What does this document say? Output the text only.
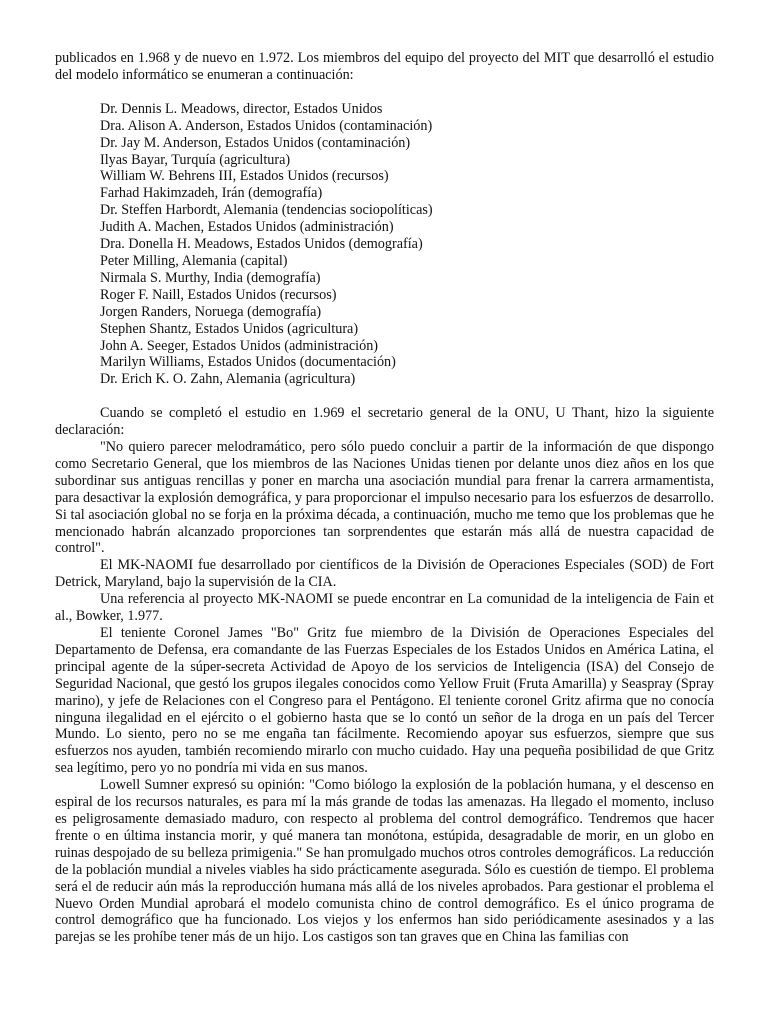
publicados en 1.968 y de nuevo en 1.972. Los miembros del equipo del proyecto del MIT que desarrolló el estudio del modelo informático se enumeran a continuación:

Dr. Dennis L. Meadows, director, Estados Unidos
Dra. Alison A. Anderson, Estados Unidos (contaminación)
Dr. Jay M. Anderson, Estados Unidos (contaminación)
Ilyas Bayar, Turquía (agricultura)
William W. Behrens III, Estados Unidos (recursos)
Farhad Hakimzadeh, Irán (demografía)
Dr. Steffen Harbordt, Alemania (tendencias sociopolíticas)
Judith A. Machen, Estados Unidos (administración)
Dra. Donella H. Meadows, Estados Unidos (demografía)
Peter Milling, Alemania (capital)
Nirmala S. Murthy, India (demografía)
Roger F. Naill, Estados Unidos (recursos)
Jorgen Randers, Noruega (demografía)
Stephen Shantz, Estados Unidos (agricultura)
John A. Seeger, Estados Unidos (administración)
Marilyn Williams, Estados Unidos (documentación)
Dr. Erich K. O. Zahn, Alemania (agricultura)

Cuando se completó el estudio en 1.969 el secretario general de la ONU, U Thant, hizo la siguiente declaración:

"No quiero parecer melodramático, pero sólo puedo concluir a partir de la información de que dispongo como Secretario General, que los miembros de las Naciones Unidas tienen por delante unos diez años en los que subordinar sus antiguas rencillas y poner en marcha una asociación mundial para frenar la carrera armamentista, para desactivar la explosión demográfica, y para proporcionar el impulso necesario para los esfuerzos de desarrollo. Si tal asociación global no se forja en la próxima década, a continuación, mucho me temo que los problemas que he mencionado habrán alcanzado proporciones tan sorprendentes que estarán más allá de nuestra capacidad de control".

El MK-NAOMI fue desarrollado por científicos de la División de Operaciones Especiales (SOD) de Fort Detrick, Maryland, bajo la supervisión de la CIA.

Una referencia al proyecto MK-NAOMI se puede encontrar en La comunidad de la inteligencia de Fain et al., Bowker, 1.977.

El teniente Coronel James "Bo" Gritz fue miembro de la División de Operaciones Especiales del Departamento de Defensa, era comandante de las Fuerzas Especiales de los Estados Unidos en América Latina, el principal agente de la súper-secreta Actividad de Apoyo de los servicios de Inteligencia (ISA) del Consejo de Seguridad Nacional, que gestó los grupos ilegales conocidos como Yellow Fruit (Fruta Amarilla) y Seaspray (Spray marino), y jefe de Relaciones con el Congreso para el Pentágono. El teniente coronel Gritz afirma que no conocía ninguna ilegalidad en el ejército o el gobierno hasta que se lo contó un señor de la droga en un país del Tercer Mundo. Lo siento, pero no se me engaña tan fácilmente. Recomiendo apoyar sus esfuerzos, siempre que sus esfuerzos nos ayuden, también recomiendo mirarlo con mucho cuidado. Hay una pequeña posibilidad de que Gritz sea legítimo, pero yo no pondría mi vida en sus manos.

Lowell Sumner expresó su opinión: "Como biólogo la explosión de la población humana, y el descenso en espiral de los recursos naturales, es para mí la más grande de todas las amenazas. Ha llegado el momento, incluso es peligrosamente demasiado maduro, con respecto al problema del control demográfico. Tendremos que hacer frente o en última instancia morir, y qué manera tan monótona, estúpida, desagradable de morir, en un globo en ruinas despojado de su belleza primigenia." Se han promulgado muchos otros controles demográficos. La reducción de la población mundial a niveles viables ha sido prácticamente asegurada. Sólo es cuestión de tiempo. El problema será el de reducir aún más la reproducción humana más allá de los niveles aprobados. Para gestionar el problema el Nuevo Orden Mundial aprobará el modelo comunista chino de control demográfico. Es el único programa de control demográfico que ha funcionado. Los viejos y los enfermos han sido periódicamente asesinados y a las parejas se les prohíbe tener más de un hijo. Los castigos son tan graves que en China las familias con
